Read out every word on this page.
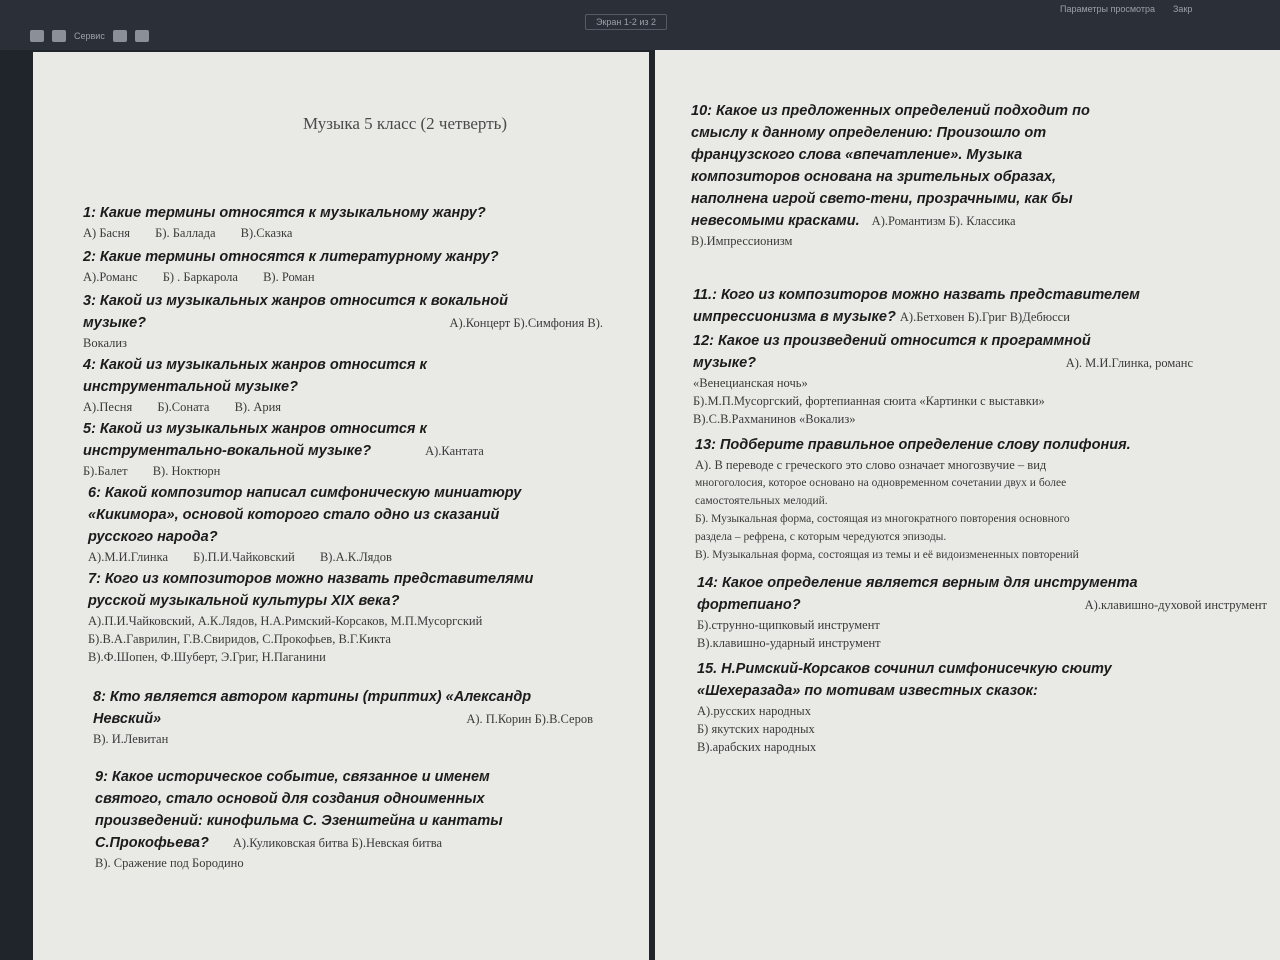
Сервис
Экран 1-2 из 2
Параметры просмотра Закр
Музыка 5 класс (2 четверть)

1: Какие термины относятся к музыкальному жанру?

А) Басня Б). Баллада В).Сказка

2: Какие термины относятся к литературному жанру?

А).Романс Б) . Баркарола В). Роман

3: Какой из музыкальных жанров относится к вокальной

музыке?	А).Концерт Б).Симфония В).

Вокализ

4: Какой из музыкальных жанров относится к

инструментальной музыке?

А).Песня Б).Соната В). Ария

5: Какой из музыкальных жанров относится к

инструментально-вокальной музыке?	А).Кантата

Б).Балет В). Ноктюрн

6: Какой композитор написал симфоническую миниатюру

«Кикимора», основой которого стало одно из сказаний

русского народа?

А).М.И.Глинка Б).П.И.Чайковский В).А.К.Лядов

7: Кого из композиторов можно назвать представителями

русской музыкальной культуры XIX века?

А).П.И.Чайковский, А.К.Лядов, Н.А.Римский-Корсаков, М.П.Мусоргский

Б).В.А.Гаврилин, Г.В.Свиридов, С.Прокофьев, В.Г.Кикта

В).Ф.Шопен, Ф.Шуберт, Э.Григ, Н.Паганини

8: Кто является автором картины (триптих) «Александр

Невский»	А). П.Корин Б).В.Серов

В). И.Левитан

9: Какое историческое событие, связанное и именем

святого, стало основой для создания одноименных

произведений: кинофильма С. Эзенштейна и кантаты

С.Прокофьева? А).Куликовская битва Б).Невская битва

В). Сражение под Бородино

10: Какое из предложенных определений подходит по

смыслу к данному определению: Произошло от

французского слова «впечатление». Музыка

композиторов основана на зрительных образах,

наполнена игрой свето-тени, прозрачными, как бы

невесомыми красками. А).Романтизм Б). Классика

В).Импрессионизм

11.: Кого из композиторов можно назвать представителем

импрессионизма в музыке? А).Бетховен Б).Григ В)Дебюсси

12: Какое из произведений относится к программной

музыке?	А). М.И.Глинка, романс

«Венецианская ночь»

Б).М.П.Мусоргский, фортепианная сюита «Картинки с выставки»

В).С.В.Рахманинов «Вокализ»

13: Подберите правильное определение слову полифония.

А). В переводе с греческого это слово означает многозвучие – вид

многоголосия, которое основано на одновременном сочетании двух и более

самостоятельных мелодий.

Б). Музыкальная форма, состоящая из многократного повторения основного

раздела – рефрена, с которым чередуются эпизоды.

В). Музыкальная форма, состоящая из темы и её видоизмененных повторений

14: Какое определение является верным для инструмента

фортепиано?	А).клавишно-духовой инструмент

Б).струнно-щипковый инструмент

В).клавишно-ударный инструмент

15. Н.Римский-Корсаков сочинил симфонисечкую сюиту

«Шехеразада» по мотивам известных сказок:

А).русских народных

Б) якутских народных

В).арабских народных
